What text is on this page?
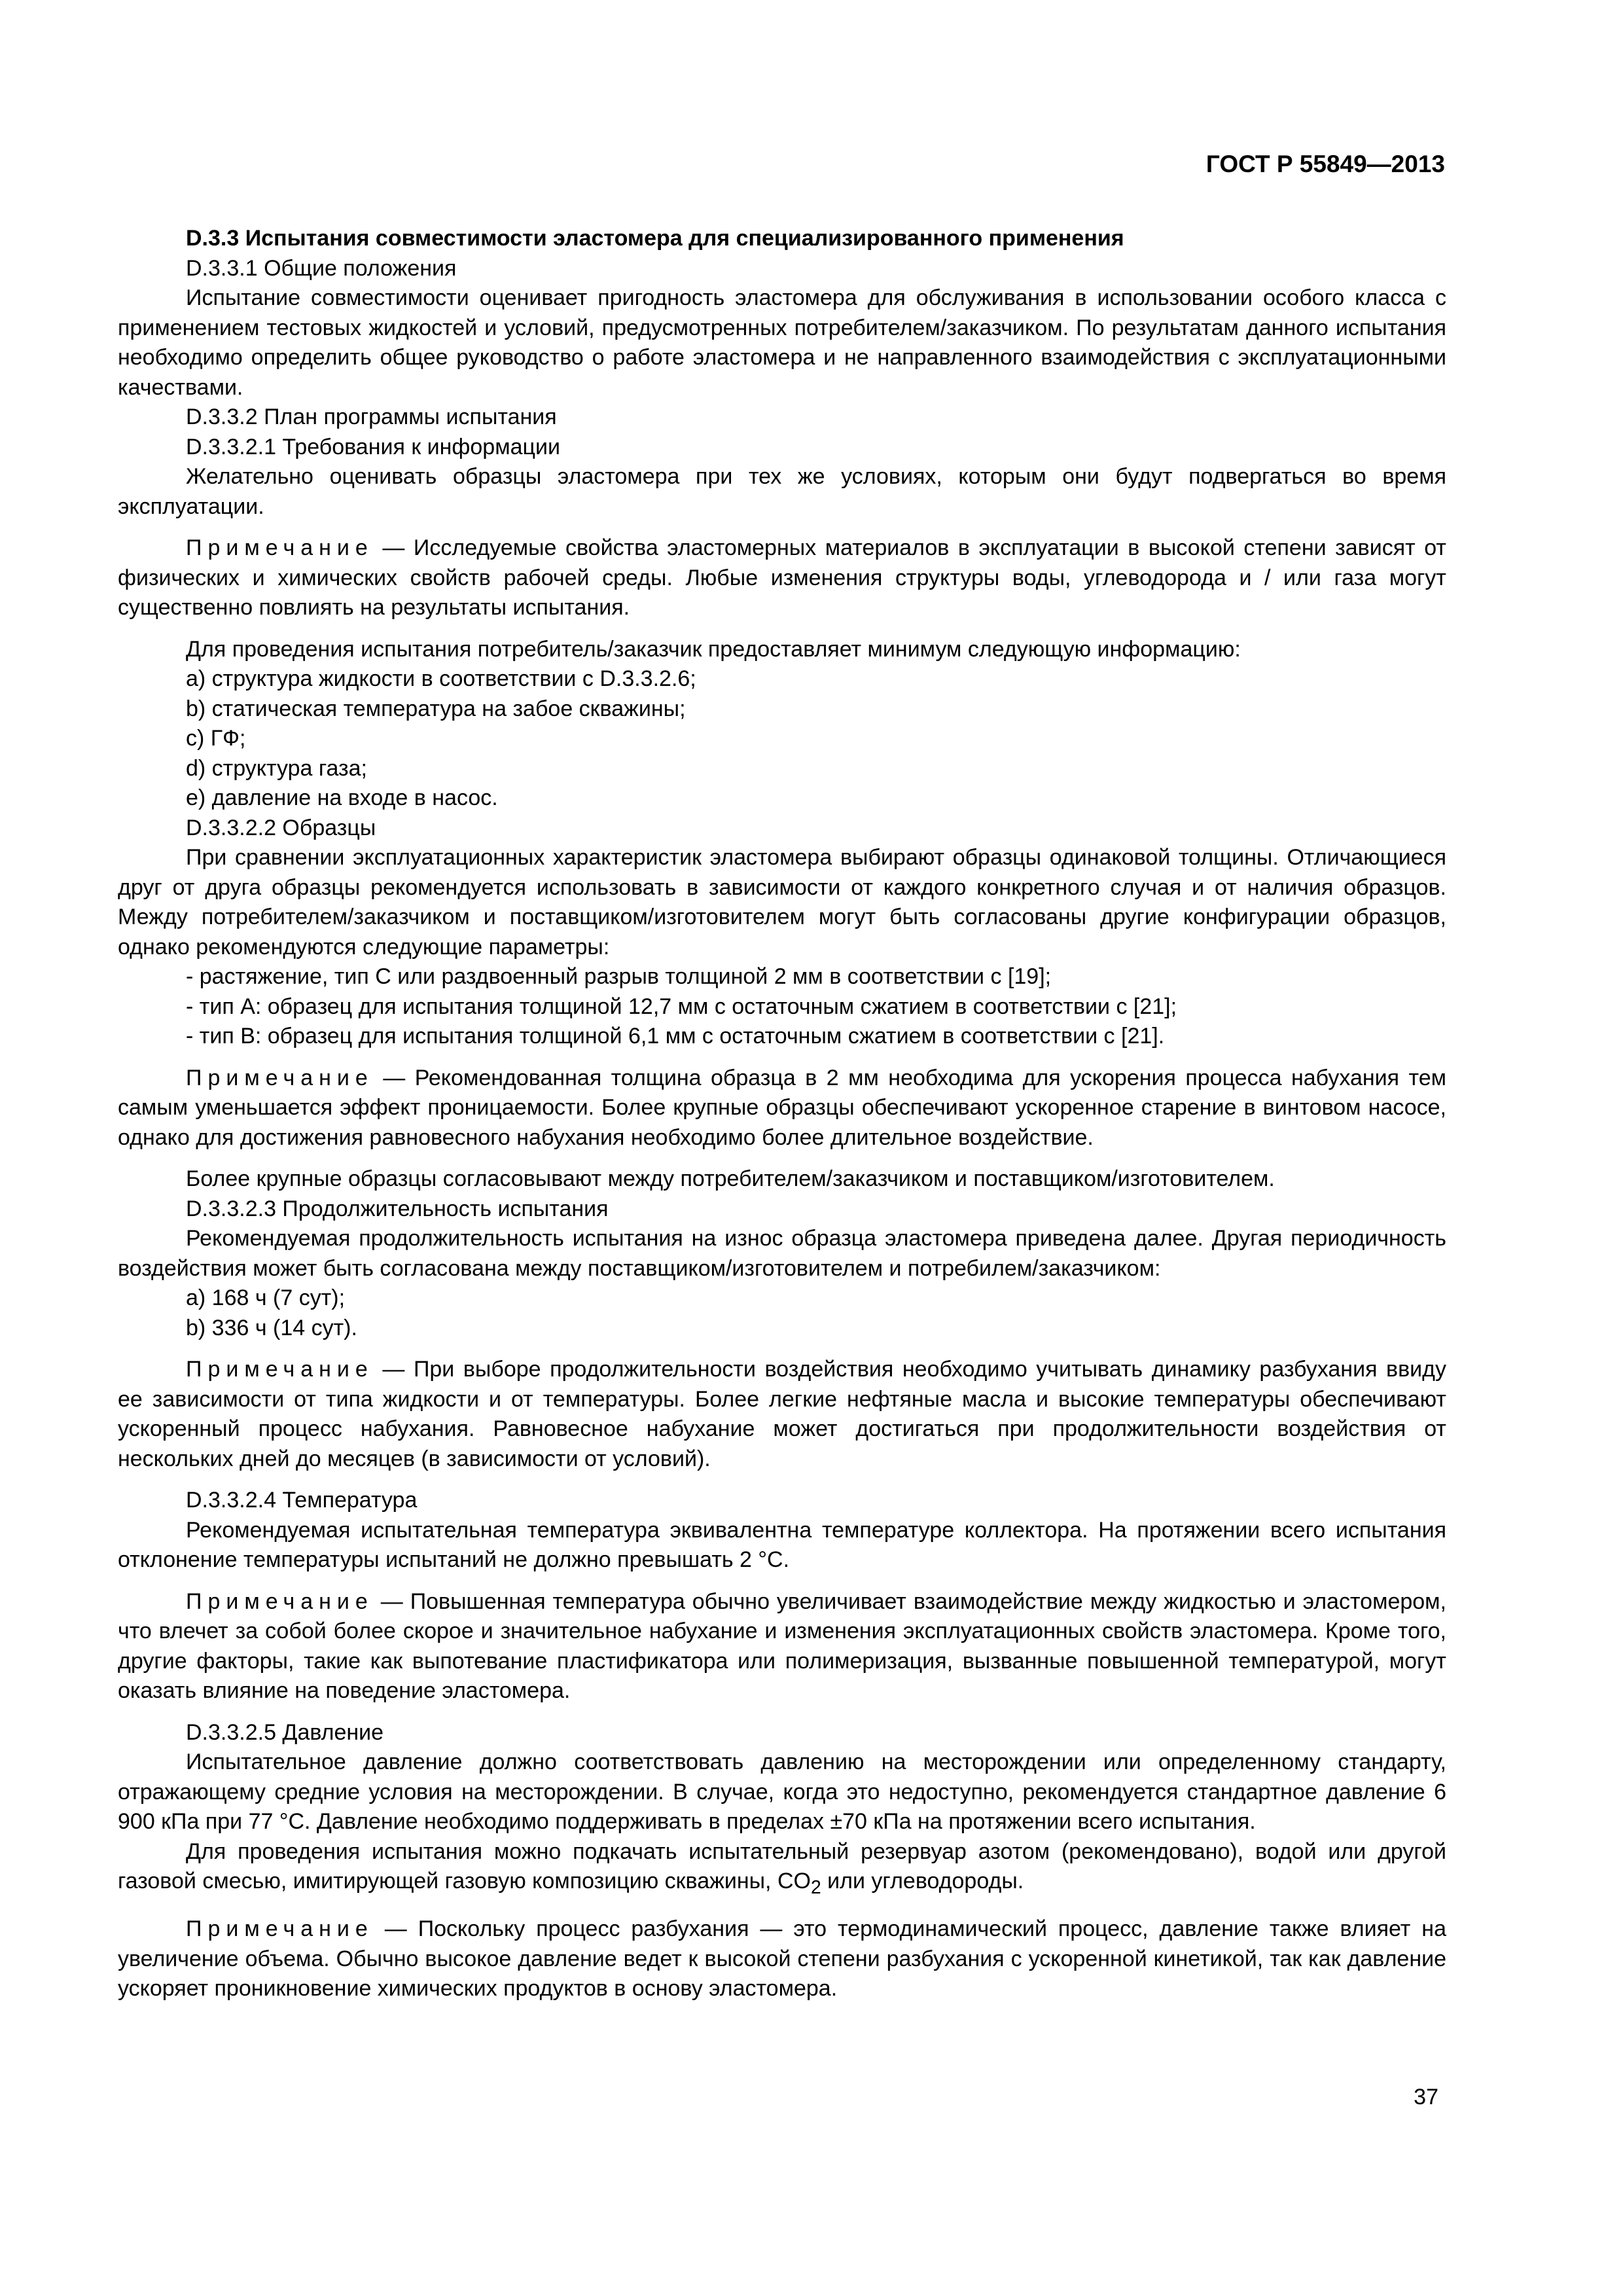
ГОСТ Р 55849—2013

D.3.3 Испытания совместимости эластомера для специализированного применения

D.3.3.1 Общие положения

Испытание совместимости оценивает пригодность эластомера для обслуживания в использовании особого класса с применением тестовых жидкостей и условий, предусмотренных потребителем/заказчиком. По результатам данного испытания необходимо определить общее руководство о работе эластомера и не направленного взаимодействия с эксплуатационными качествами.

D.3.3.2 План программы испытания

D.3.3.2.1 Требования к информации

Желательно оценивать образцы эластомера при тех же условиях, которым они будут подвергаться во время эксплуатации.

Примечание — Исследуемые свойства эластомерных материалов в эксплуатации в высокой степени зависят от физических и химических свойств рабочей среды. Любые изменения структуры воды, углеводорода и / или газа могут существенно повлиять на результаты испытания.

Для проведения испытания потребитель/заказчик предоставляет минимум следующую информацию:

a) структура жидкости в соответствии с D.3.3.2.6;

b) статическая температура на забое скважины;

c) ГФ;

d) структура газа;

e) давление на входе в насос.

D.3.3.2.2 Образцы

При сравнении эксплуатационных характеристик эластомера выбирают образцы одинаковой толщины. Отличающиеся друг от друга образцы рекомендуется использовать в зависимости от каждого конкретного случая и от наличия образцов. Между потребителем/заказчиком и поставщиком/изготовителем могут быть согласованы другие конфигурации образцов, однако рекомендуются следующие параметры:

- растяжение, тип С или раздвоенный разрыв толщиной 2 мм в соответствии с [19];

- тип А: образец для испытания толщиной 12,7 мм с остаточным сжатием в соответствии с [21];

- тип В: образец для испытания толщиной 6,1 мм с остаточным сжатием в соответствии с [21].

Примечание — Рекомендованная толщина образца в 2 мм необходима для ускорения процесса набухания тем самым уменьшается эффект проницаемости. Более крупные образцы обеспечивают ускоренное старение в винтовом насосе, однако для достижения равновесного набухания необходимо более длительное воздействие.

Более крупные образцы согласовывают между потребителем/заказчиком и поставщиком/изготовителем.

D.3.3.2.3 Продолжительность испытания

Рекомендуемая продолжительность испытания на износ образца эластомера приведена далее. Другая периодичность воздействия может быть согласована между поставщиком/изготовителем и потребилем/заказчиком:

a) 168 ч (7 сут);

b) 336 ч (14 сут).

Примечание — При выборе продолжительности воздействия необходимо учитывать динамику разбухания ввиду ее зависимости от типа жидкости и от температуры. Более легкие нефтяные масла и высокие температуры обеспечивают ускоренный процесс набухания. Равновесное набухание может достигаться при продолжительности воздействия от нескольких дней до месяцев (в зависимости от условий).

D.3.3.2.4 Температура

Рекомендуемая испытательная температура эквивалентна температуре коллектора. На протяжении всего испытания отклонение температуры испытаний не должно превышать 2 °С.

Примечание — Повышенная температура обычно увеличивает взаимодействие между жидкостью и эластомером, что влечет за собой более скорое и значительное набухание и изменения эксплуатационных свойств эластомера. Кроме того, другие факторы, такие как выпотевание пластификатора или полимеризация, вызванные повышенной температурой, могут оказать влияние на поведение эластомера.

D.3.3.2.5 Давление

Испытательное давление должно соответствовать давлению на месторождении или определенному стандарту, отражающему средние условия на месторождении. В случае, когда это недоступно, рекомендуется стандартное давление 6 900 кПа при 77 °С. Давление необходимо поддерживать в пределах ±70 кПа на протяжении всего испытания.

Для проведения испытания можно подкачать испытательный резервуар азотом (рекомендовано), водой или другой газовой смесью, имитирующей газовую композицию скважины, $CO_2$ или углеводороды.

Примечание — Поскольку процесс разбухания — это термодинамический процесс, давление также влияет на увеличение объема. Обычно высокое давление ведет к высокой степени разбухания с ускоренной кинетикой, так как давление ускоряет проникновение химических продуктов в основу эластомера.

37
